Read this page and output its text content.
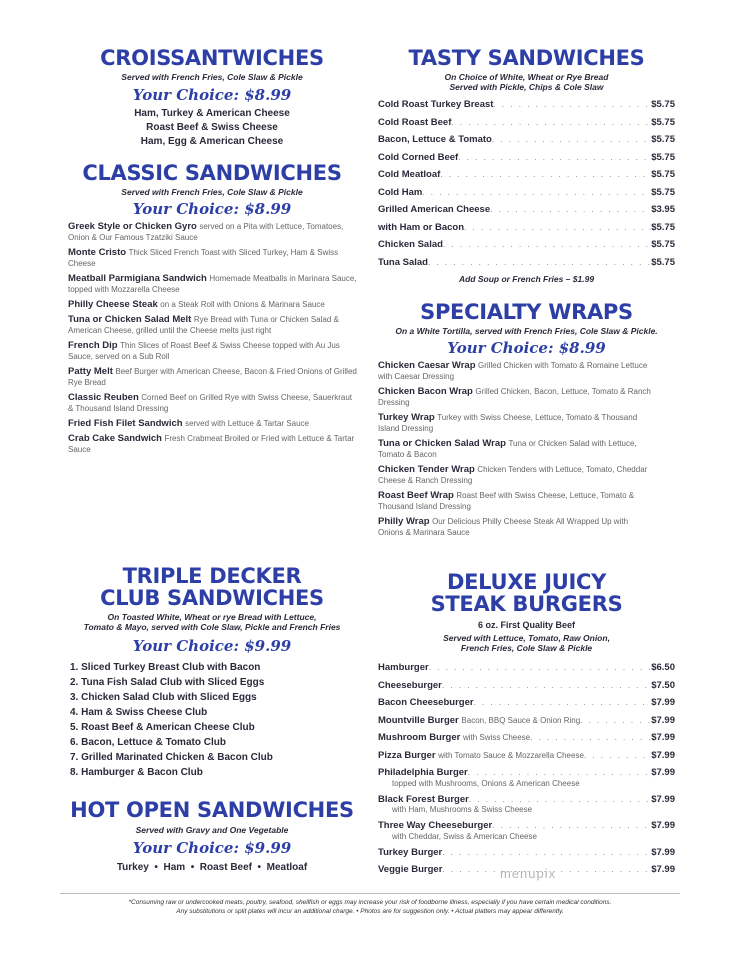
CROISSANTWICHES
Served with French Fries, Cole Slaw & Pickle
Your Choice: $8.99
Ham, Turkey & American Cheese
Roast Beef & Swiss Cheese
Ham, Egg & American Cheese
CLASSIC SANDWICHES
Served with French Fries, Cole Slaw & Pickle
Your Choice: $8.99
Greek Style or Chicken Gyro served on a Pita with Lettuce, Tomatoes, Onion & Our Famous Tzatziki Sauce
Monte Cristo Thick Sliced French Toast with Sliced Turkey, Ham & Swiss Cheese
Meatball Parmigiana Sandwich Homemade Meatballs in Marinara Sauce, topped with Mozzarella Cheese
Philly Cheese Steak on a Steak Roll with Onions & Marinara Sauce
Tuna or Chicken Salad Melt Rye Bread with Tuna or Chicken Salad & American Cheese, grilled until the Cheese melts just right
French Dip Thin Slices of Roast Beef & Swiss Cheese topped with Au Jus Sauce, served on a Sub Roll
Patty Melt Beef Burger with American Cheese, Bacon & Fried Onions of Grilled Rye Bread
Classic Reuben Corned Beef on Grilled Rye with Swiss Cheese, Sauerkraut & Thousand Island Dressing
Fried Fish Filet Sandwich served with Lettuce & Tartar Sauce
Crab Cake Sandwich Fresh Crabmeat Broiled or Fried with Lettuce & Tartar Sauce
TRIPLE DECKER
CLUB SANDWICHES
On Toasted White, Wheat or rye Bread with Lettuce,
Tomato & Mayo, served with Cole Slaw, Pickle and French Fries
Your Choice: $9.99
1. Sliced Turkey Breast Club with Bacon
2. Tuna Fish Salad Club with Sliced Eggs
3. Chicken Salad Club with Sliced Eggs
4. Ham & Swiss Cheese Club
5. Roast Beef & American Cheese Club
6. Bacon, Lettuce & Tomato Club
7. Grilled Marinated Chicken & Bacon Club
8. Hamburger & Bacon Club
HOT OPEN SANDWICHES
Served with Gravy and One Vegetable
Your Choice: $9.99
Turkey  •  Ham  •  Roast Beef  •  Meatloaf
TASTY SANDWICHES
On Choice of White, Wheat or Rye Bread
Served with Pickle, Chips & Cole Slaw
Cold Roast Turkey Breast . . .	$5.75
Cold Roast Beef . . .	$5.75
Bacon, Lettuce & Tomato . . .	$5.75
Cold Corned Beef . . .	$5.75
Cold Meatloaf . . .	$5.75
Cold Ham . . .	$5.75
Grilled American Cheese . . .	$3.95
with Ham or Bacon . . .	$5.75
Chicken Salad . . .	$5.75
Tuna Salad . . .	$5.75
Add Soup or French Fries – $1.99
SPECIALTY WRAPS
On a White Tortilla, served with French Fries, Cole Slaw & Pickle.
Your Choice: $8.99
Chicken Caesar Wrap Grilled Chicken with Tomato & Romaine Lettuce with Caesar Dressing
Chicken Bacon Wrap Grilled Chicken, Bacon, Lettuce, Tomato & Ranch Dressing
Turkey Wrap Turkey with Swiss Cheese, Lettuce, Tomato & Thousand Island Dressing
Tuna or Chicken Salad Wrap Tuna or Chicken Salad with Lettuce, Tomato & Bacon
Chicken Tender Wrap Chicken Tenders with Lettuce, Tomato, Cheddar Cheese & Ranch Dressing
Roast Beef Wrap Roast Beef with Swiss Cheese, Lettuce, Tomato & Thousand Island Dressing
Philly Wrap Our Delicious Philly Cheese Steak All Wrapped Up with Onions & Marinara Sauce
DELUXE JUICY
STEAK BURGERS
6 oz. First Quality Beef
Served with Lettuce, Tomato, Raw Onion,
French Fries, Cole Slaw & Pickle
Hamburger . . .	$6.50
Cheeseburger . . .	$7.50
Bacon Cheeseburger . . .	$7.99
Mountville Burger Bacon, BBQ Sauce & Onion Ring . . .	$7.99
Mushroom Burger with Swiss Cheese . . .	$7.99
Pizza Burger with Tomato Sauce & Mozzarella Cheese . . .	$7.99
Philadelphia Burger . . .	$7.99
topped with Mushrooms, Onions & American Cheese
Black Forest Burger . . .	$7.99
with Ham, Mushrooms & Swiss Cheese
Three Way Cheeseburger . . .	$7.99
with Cheddar, Swiss & American Cheese
Turkey Burger . . .	$7.99
Veggie Burger . . .	$7.99
menupix
*Consuming raw or undercooked meats, poultry, seafood, shellfish or eggs may increase your risk of foodborne illness, especially if you have certain medical conditions.
Any substitutions or split plates will incur an additional charge. • Photos are for suggestion only. • Actual platters may appear differently.
